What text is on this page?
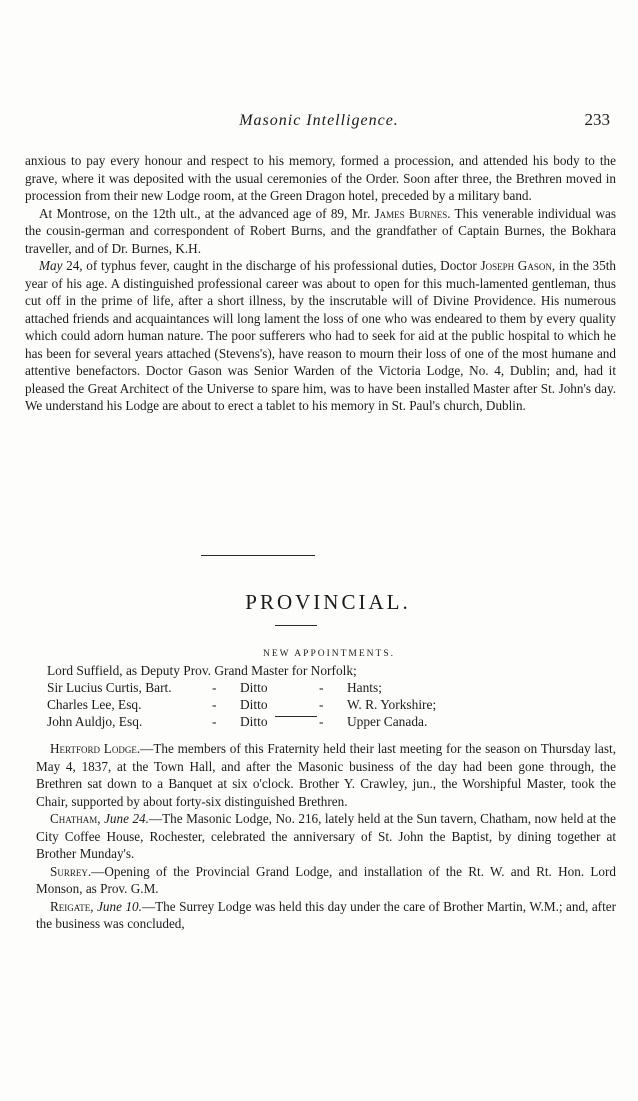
Masonic Intelligence.	233

anxious to pay every honour and respect to his memory, formed a procession, and attended his body to the grave, where it was deposited with the usual ceremonies of the Order. Soon after three, the Brethren moved in procession from their new Lodge room, at the Green Dragon hotel, preceded by a military band.

At Montrose, on the 12th ult., at the advanced age of 89, Mr. James Burnes. This venerable individual was the cousin-german and correspondent of Robert Burns, and the grandfather of Captain Burnes, the Bokhara traveller, and of Dr. Burnes, K.H.

May 24, of typhus fever, caught in the discharge of his professional duties, Doctor Joseph Gason, in the 35th year of his age. A distinguished professional career was about to open for this much-lamented gentleman, thus cut off in the prime of life, after a short illness, by the inscrutable will of Divine Providence. His numerous attached friends and acquaintances will long lament the loss of one who was endeared to them by every quality which could adorn human nature. The poor sufferers who had to seek for aid at the public hospital to which he has been for several years attached (Stevens's), have reason to mourn their loss of one of the most humane and attentive benefactors. Doctor Gason was Senior Warden of the Victoria Lodge, No. 4, Dublin; and, had it pleased the Great Architect of the Universe to spare him, was to have been installed Master after St. John's day. We understand his Lodge are about to erect a tablet to his memory in St. Paul's church, Dublin.

PROVINCIAL.
NEW APPOINTMENTS.
Lord Suffield, as Deputy Prov. Grand Master for Norfolk;
Sir Lucius Curtis, Bart.	- Ditto	- Hants;
Charles Lee, Esq.	- Ditto	- W. R. Yorkshire;
John Auldjo, Esq.	- Ditto	- Upper Canada.

Hertford Lodge.—The members of this Fraternity held their last meeting for the season on Thursday last, May 4, 1837, at the Town Hall, and after the Masonic business of the day had been gone through, the Brethren sat down to a Banquet at six o'clock. Brother Y. Crawley, jun., the Worshipful Master, took the Chair, supported by about forty-six distinguished Brethren.

Chatham, June 24.—The Masonic Lodge, No. 216, lately held at the Sun tavern, Chatham, now held at the City Coffee House, Rochester, celebrated the anniversary of St. John the Baptist, by dining together at Brother Munday's.

Surrey.—Opening of the Provincial Grand Lodge, and installation of the Rt. W. and Rt. Hon. Lord Monson, as Prov. G.M.

Reigate, June 10.—The Surrey Lodge was held this day under the care of Brother Martin, W.M.; and, after the business was concluded,
